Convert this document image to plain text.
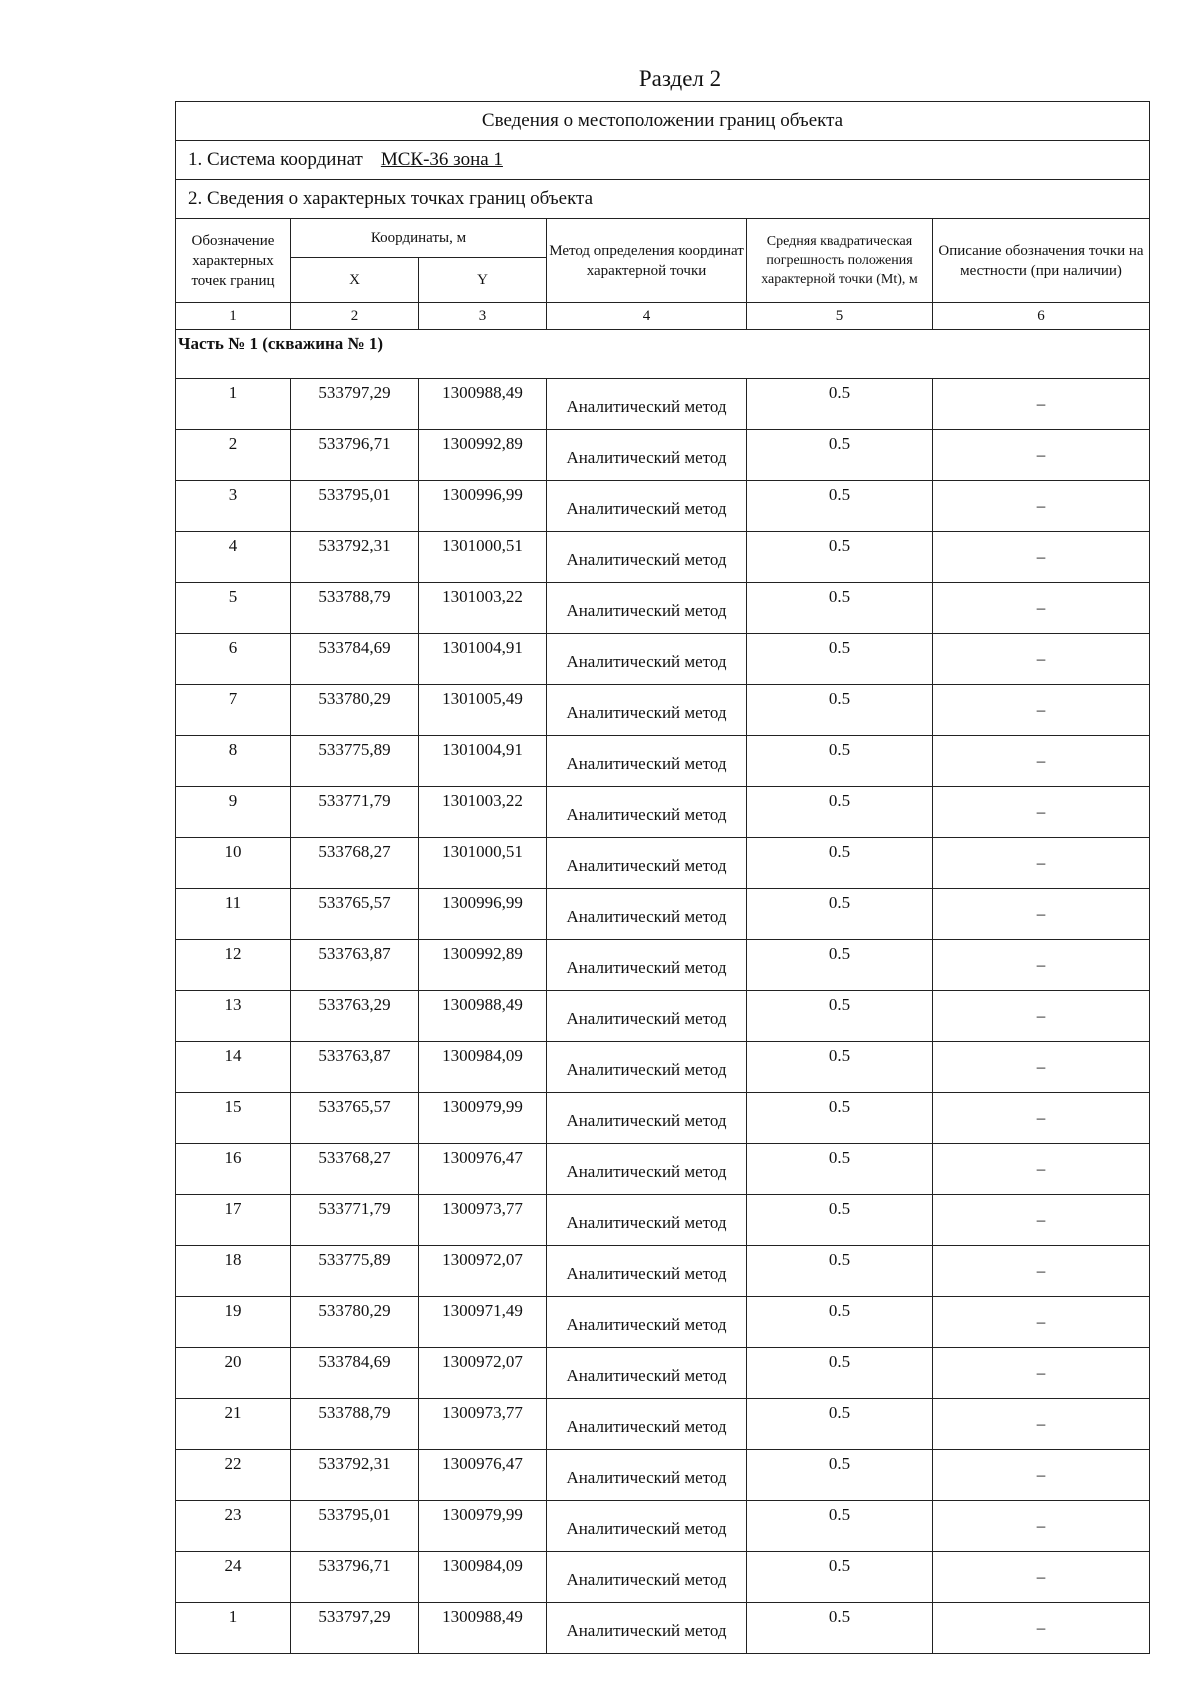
Раздел 2
Сведения о местоположении границ объекта					
1. Система координат МСК-36 зона 1					
2. Сведения о характерных точках границ объекта					
Обозначение характерных точек границ	Координаты, м		Метод определения координат характерной точки	Средняя квадратическая погрешность положения характерной точки (Mt), м	Описание обозначения точки на местности (при наличии)
	X	Y			
1	2	3	4	5	6
Часть № 1 (скважина № 1)					
1	533797,29	1300988,49	Аналитический метод	0.5	–
2	533796,71	1300992,89	Аналитический метод	0.5	–
3	533795,01	1300996,99	Аналитический метод	0.5	–
4	533792,31	1301000,51	Аналитический метод	0.5	–
5	533788,79	1301003,22	Аналитический метод	0.5	–
6	533784,69	1301004,91	Аналитический метод	0.5	–
7	533780,29	1301005,49	Аналитический метод	0.5	–
8	533775,89	1301004,91	Аналитический метод	0.5	–
9	533771,79	1301003,22	Аналитический метод	0.5	–
10	533768,27	1301000,51	Аналитический метод	0.5	–
11	533765,57	1300996,99	Аналитический метод	0.5	–
12	533763,87	1300992,89	Аналитический метод	0.5	–
13	533763,29	1300988,49	Аналитический метод	0.5	–
14	533763,87	1300984,09	Аналитический метод	0.5	–
15	533765,57	1300979,99	Аналитический метод	0.5	–
16	533768,27	1300976,47	Аналитический метод	0.5	–
17	533771,79	1300973,77	Аналитический метод	0.5	–
18	533775,89	1300972,07	Аналитический метод	0.5	–
19	533780,29	1300971,49	Аналитический метод	0.5	–
20	533784,69	1300972,07	Аналитический метод	0.5	–
21	533788,79	1300973,77	Аналитический метод	0.5	–
22	533792,31	1300976,47	Аналитический метод	0.5	–
23	533795,01	1300979,99	Аналитический метод	0.5	–
24	533796,71	1300984,09	Аналитический метод	0.5	–
1	533797,29	1300988,49	Аналитический метод	0.5	–
